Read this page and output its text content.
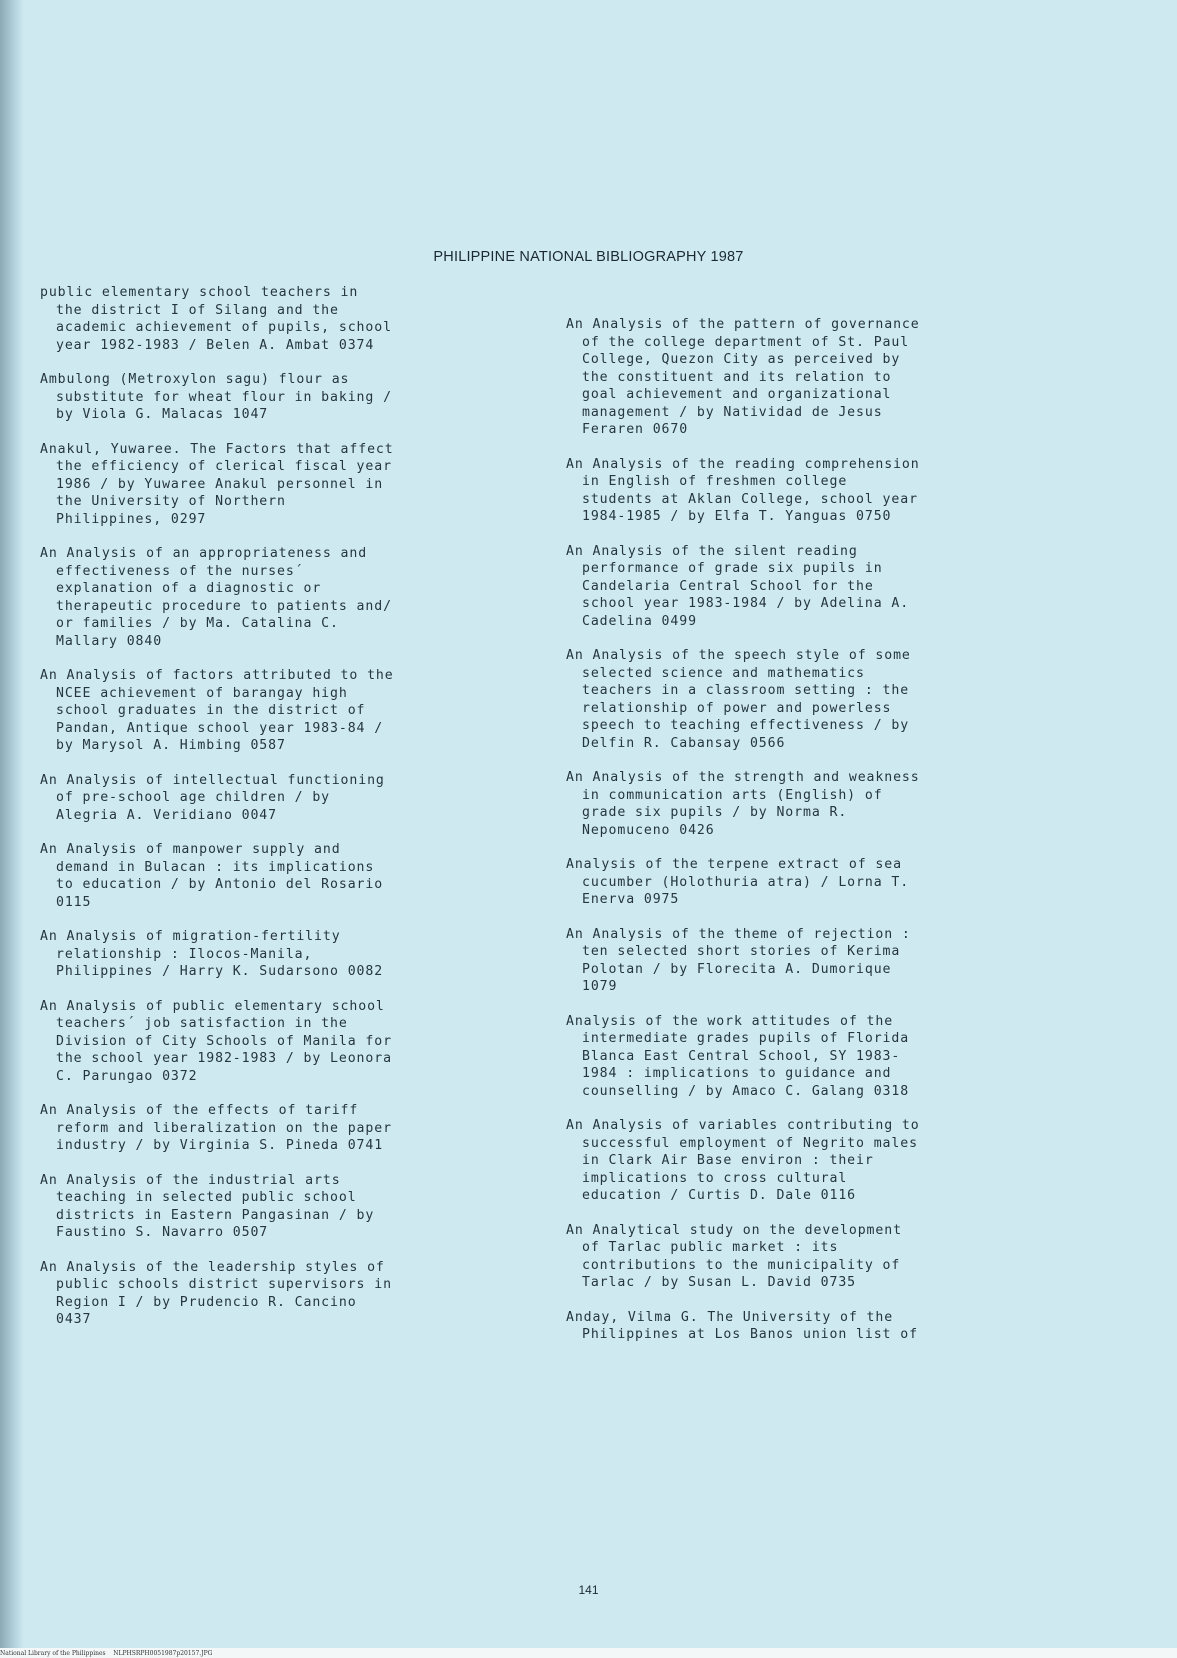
PHILIPPINE NATIONAL BIBLIOGRAPHY 1987
public elementary school teachers in
the district I of Silang and the
academic achievement of pupils, school
year 1982-1983 / Belen A. Ambat 0374
Ambulong (Metroxylon sagu) flour as
substitute for wheat flour in baking /
by Viola G. Malacas 1047
Anakul, Yuwaree. The Factors that affect
the efficiency of clerical fiscal year
1986 / by Yuwaree Anakul personnel in
the University of Northern
Philippines, 0297
An Analysis of an appropriateness and
effectiveness of the nurses´
explanation of a diagnostic or
therapeutic procedure to patients and/
or families / by Ma. Catalina C.
Mallary 0840
An Analysis of factors attributed to the
NCEE achievement of barangay high
school graduates in the district of
Pandan, Antique school year 1983-84 /
by Marysol A. Himbing 0587
An Analysis of intellectual functioning
of pre-school age children / by
Alegria A. Veridiano 0047
An Analysis of manpower supply and
demand in Bulacan : its implications
to education / by Antonio del Rosario
0115
An Analysis of migration-fertility
relationship : Ilocos-Manila,
Philippines / Harry K. Sudarsono 0082
An Analysis of public elementary school
teachers´ job satisfaction in the
Division of City Schools of Manila for
the school year 1982-1983 / by Leonora
C. Parungao 0372
An Analysis of the effects of tariff
reform and liberalization on the paper
industry / by Virginia S. Pineda 0741
An Analysis of the industrial arts
teaching in selected public school
districts in Eastern Pangasinan / by
Faustino S. Navarro 0507
An Analysis of the leadership styles of
public schools district supervisors in
Region I / by Prudencio R. Cancino
0437
An Analysis of the pattern of governance
of the college department of St. Paul
College, Quezon City as perceived by
the constituent and its relation to
goal achievement and organizational
management / by Natividad de Jesus
Feraren 0670
An Analysis of the reading comprehension
in English of freshmen college
students at Aklan College, school year
1984-1985 / by Elfa T. Yanguas 0750
An Analysis of the silent reading
performance of grade six pupils in
Candelaria Central School for the
school year 1983-1984 / by Adelina A.
Cadelina 0499
An Analysis of the speech style of some
selected science and mathematics
teachers in a classroom setting : the
relationship of power and powerless
speech to teaching effectiveness / by
Delfin R. Cabansay 0566
An Analysis of the strength and weakness
in communication arts (English) of
grade six pupils / by Norma R.
Nepomuceno 0426
Analysis of the terpene extract of sea
cucumber (Holothuria atra) / Lorna T.
Enerva 0975
An Analysis of the theme of rejection :
ten selected short stories of Kerima
Polotan / by Florecita A. Dumorique
1079
Analysis of the work attitudes of the
intermediate grades pupils of Florida
Blanca East Central School, SY 1983-
1984 : implications to guidance and
counselling / by Amaco C. Galang 0318
An Analysis of variables contributing to
successful employment of Negrito males
in Clark Air Base environ : their
implications to cross cultural
education / Curtis D. Dale 0116
An Analytical study on the development
of Tarlac public market : its
contributions to the municipality of
Tarlac / by Susan L. David 0735
Anday, Vilma G. The University of the
Philippines at Los Banos union list of
141
National Library of the Philippines    NLPHSRPH0051987p20157.JPG
